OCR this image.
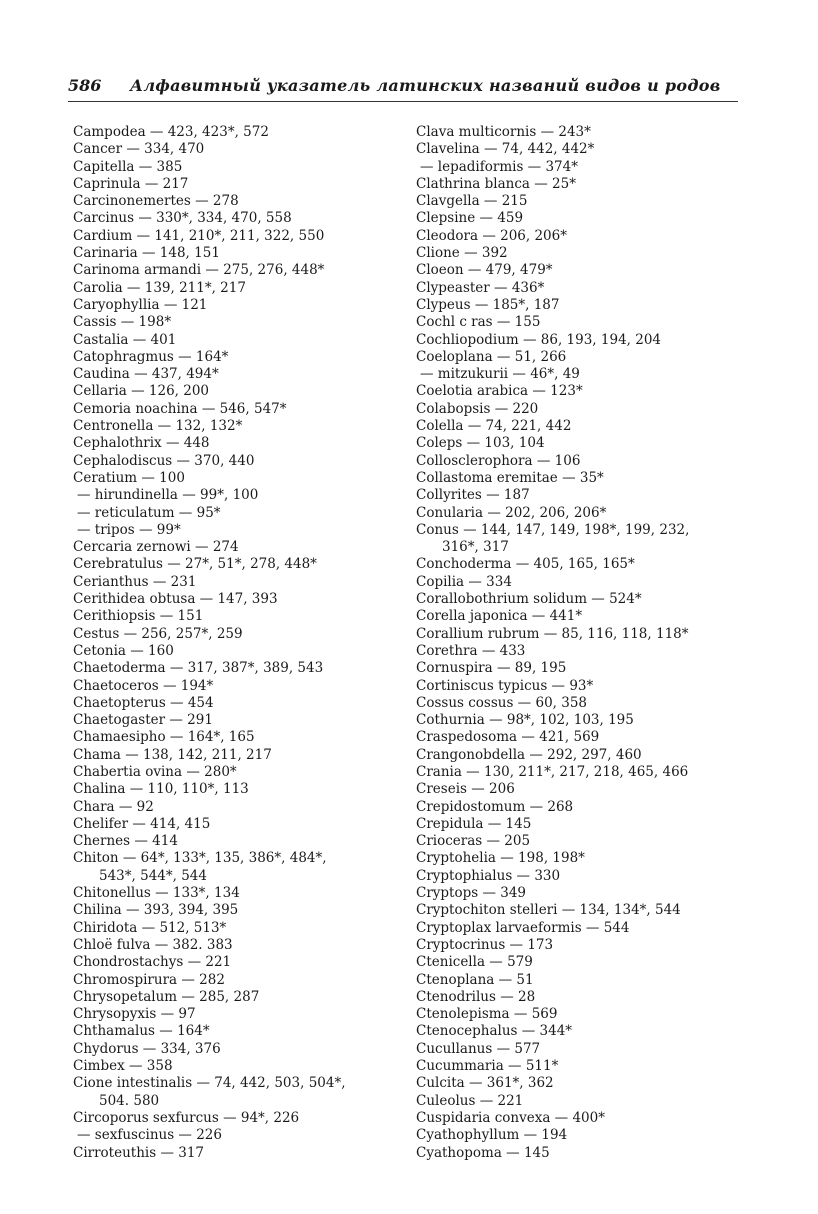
586 Алфавитный указатель латинских названий видов и родов
Campodea — 423, 423*, 572
Cancer — 334, 470
Capitella — 385
Caprinula — 217
Carcinonemertes — 278
Carcinus — 330*, 334, 470, 558
Cardium — 141, 210*, 211, 322, 550
Carinaria — 148, 151
Carinoma armandi — 275, 276, 448*
Carolia — 139, 211*, 217
Caryophyllia — 121
Cassis — 198*
Castalia — 401
Catophragmus — 164*
Caudina — 437, 494*
Cellaria — 126, 200
Cemoria noachina — 546, 547*
Centronella — 132, 132*
Cephalothrix — 448
Cephalodiscus — 370, 440
Ceratium — 100
— hirundinella — 99*, 100
— reticulatum — 95*
— tripos — 99*
Cercaria zernowi — 274
Cerebratulus — 27*, 51*, 278, 448*
Cerianthus — 231
Cerithidea obtusa — 147, 393
Cerithiopsis — 151
Cestus — 256, 257*, 259
Cetonia — 160
Chaetoderma — 317, 387*, 389, 543
Chaetoceros — 194*
Chaetopterus — 454
Chaetogaster — 291
Chamaesipho — 164*, 165
Chama — 138, 142, 211, 217
Chabertia ovina — 280*
Chalina — 110, 110*, 113
Chara — 92
Chelifer — 414, 415
Chernes — 414
Chiton — 64*, 133*, 135, 386*, 484*,
543*, 544*, 544
Chitonellus — 133*, 134
Chilina — 393, 394, 395
Chiridota — 512, 513*
Chloë fulva — 382. 383
Chondrostachys — 221
Chromospirura — 282
Chrysopetalum — 285, 287
Chrysopyxis — 97
Chthamalus — 164*
Chydorus — 334, 376
Cimbex — 358
Cione intestinalis — 74, 442, 503, 504*,
504. 580
Circoporus sexfurcus — 94*, 226
— sexfuscinus — 226
Cirroteuthis — 317
Clava multicornis — 243*
Clavelina — 74, 442, 442*
— lepadiformis — 374*
Clathrina blanca — 25*
Clavgella — 215
Clepsine — 459
Cleodora — 206, 206*
Clione — 392
Cloeon — 479, 479*
Clypeaster — 436*
Clypeus — 185*, 187
Cochl c ras — 155
Cochliopodium — 86, 193, 194, 204
Coeloplana — 51, 266
— mitzukurii — 46*, 49
Coelotia arabica — 123*
Colabopsis — 220
Colella — 74, 221, 442
Coleps — 103, 104
Collosclerophora — 106
Collastoma eremitae — 35*
Collyrites — 187
Conularia — 202, 206, 206*
Conus — 144, 147, 149, 198*, 199, 232,
316*, 317
Conchoderma — 405, 165, 165*
Copilia — 334
Corallobothrium solidum — 524*
Corella japonica — 441*
Corallium rubrum — 85, 116, 118, 118*
Corethra — 433
Cornuspira — 89, 195
Cortiniscus typicus — 93*
Cossus cossus — 60, 358
Cothurnia — 98*, 102, 103, 195
Craspedosoma — 421, 569
Crangonobdella — 292, 297, 460
Crania — 130, 211*, 217, 218, 465, 466
Creseis — 206
Crepidostomum — 268
Crepidula — 145
Crioceras — 205
Cryptohelia — 198, 198*
Cryptophialus — 330
Cryptops — 349
Cryptochiton stelleri — 134, 134*, 544
Cryptoplax larvaeformis — 544
Cryptocrinus — 173
Ctenicella — 579
Ctenoplana — 51
Ctenodrilus — 28
Ctenolepisma — 569
Ctenocephalus — 344*
Cucullanus — 577
Cucummaria — 511*
Culcita — 361*, 362
Culeolus — 221
Cuspidaria convexa — 400*
Cyathophyllum — 194
Cyathopoma — 145
